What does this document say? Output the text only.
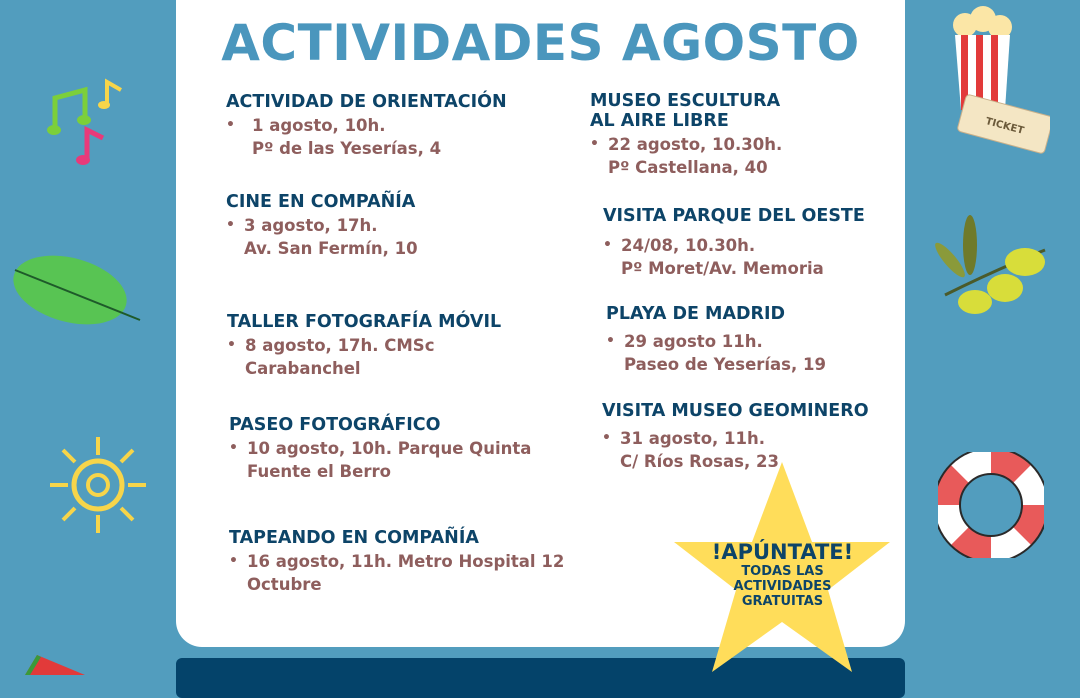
ACTIVIDADES AGOSTO
ACTIVIDAD DE ORIENTACIÓN
• 1 agosto, 10h.
Pº de las Yeserías, 4
CINE EN COMPAÑÍA
• 3 agosto, 17h.
Av. San Fermín, 10
TALLER FOTOGRAFÍA MÓVIL
• 8 agosto, 17h. CMSc
Carabanchel
PASEO FOTOGRÁFICO
• 10 agosto, 10h. Parque Quinta
Fuente el Berro
TAPEANDO EN COMPAÑÍA
• 16 agosto, 11h. Metro Hospital 12
Octubre
MUSEO ESCULTURA
AL AIRE LIBRE
• 22 agosto, 10.30h.
Pº Castellana, 40
VISITA PARQUE DEL OESTE
• 24/08, 10.30h.
Pº Moret/Av. Memoria
PLAYA DE MADRID
• 29 agosto 11h.
Paseo de Yeserías, 19
VISITA MUSEO GEOMINERO
• 31 agosto, 11h.
C/ Ríos Rosas, 23
!APÚNTATE!
TODAS LAS
ACTIVIDADES
GRATUITAS
TICKET
